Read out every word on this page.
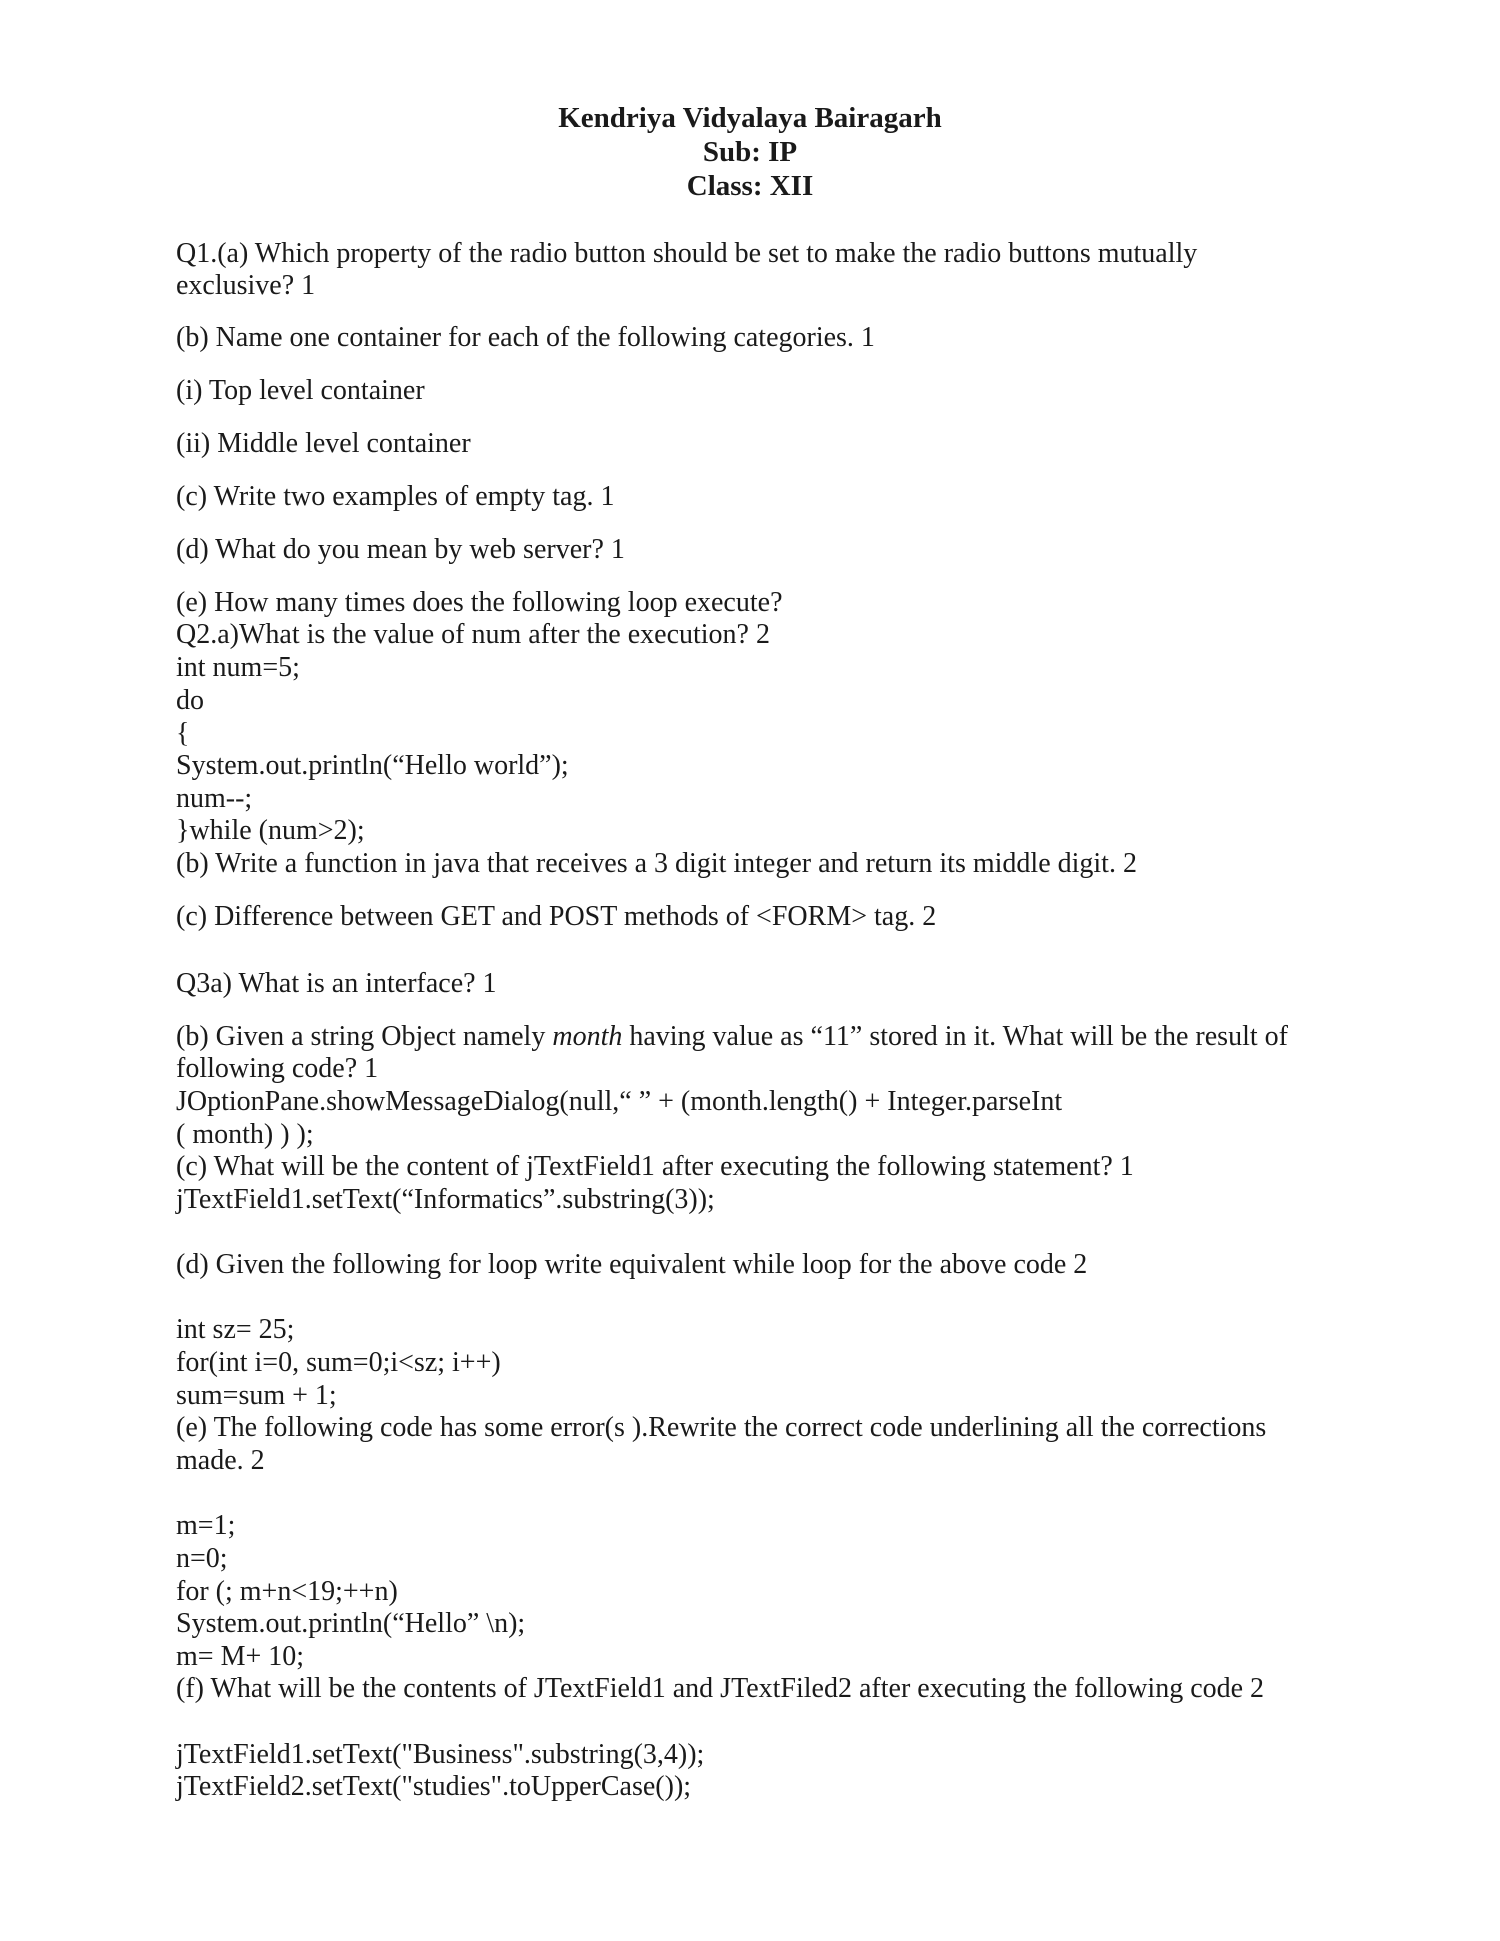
Kendriya Vidyalaya Bairagarh
Sub: IP
Class: XII
Q1.(a) Which property of the radio button should be set to make the radio buttons mutually
exclusive? 1
(b) Name one container for each of the following categories. 1
(i) Top level container
(ii) Middle level container
(c) Write two examples of empty tag. 1
(d) What do you mean by web server? 1
(e) How many times does the following loop execute?
Q2.a)What is the value of num after the execution? 2
int num=5;
do
{
System.out.println(“Hello world”);
num--;
}while (num>2);
(b) Write a function in java that receives a 3 digit integer and return its middle digit. 2
(c) Difference between GET and POST methods of <FORM> tag. 2
Q3a) What is an interface? 1
(b) Given a string Object namely month having value as “11” stored in it. What will be the result of
following code? 1
JOptionPane.showMessageDialog(null,“ ” + (month.length() + Integer.parseInt
( month) ) );
(c) What will be the content of jTextField1 after executing the following statement? 1
jTextField1.setText(“Informatics”.substring(3));
(d) Given the following for loop write equivalent while loop for the above code 2
int sz= 25;
for(int i=0, sum=0;i<sz; i++)
sum=sum + 1;
(e) The following code has some error(s ).Rewrite the correct code underlining all the corrections
made. 2
m=1;
n=0;
for (; m+n<19;++n)
System.out.println(“Hello” \n);
m= M+ 10;
(f) What will be the contents of JTextField1 and JTextFiled2 after executing the following code 2
jTextField1.setText("Business".substring(3,4));
jTextField2.setText("studies".toUpperCase());
